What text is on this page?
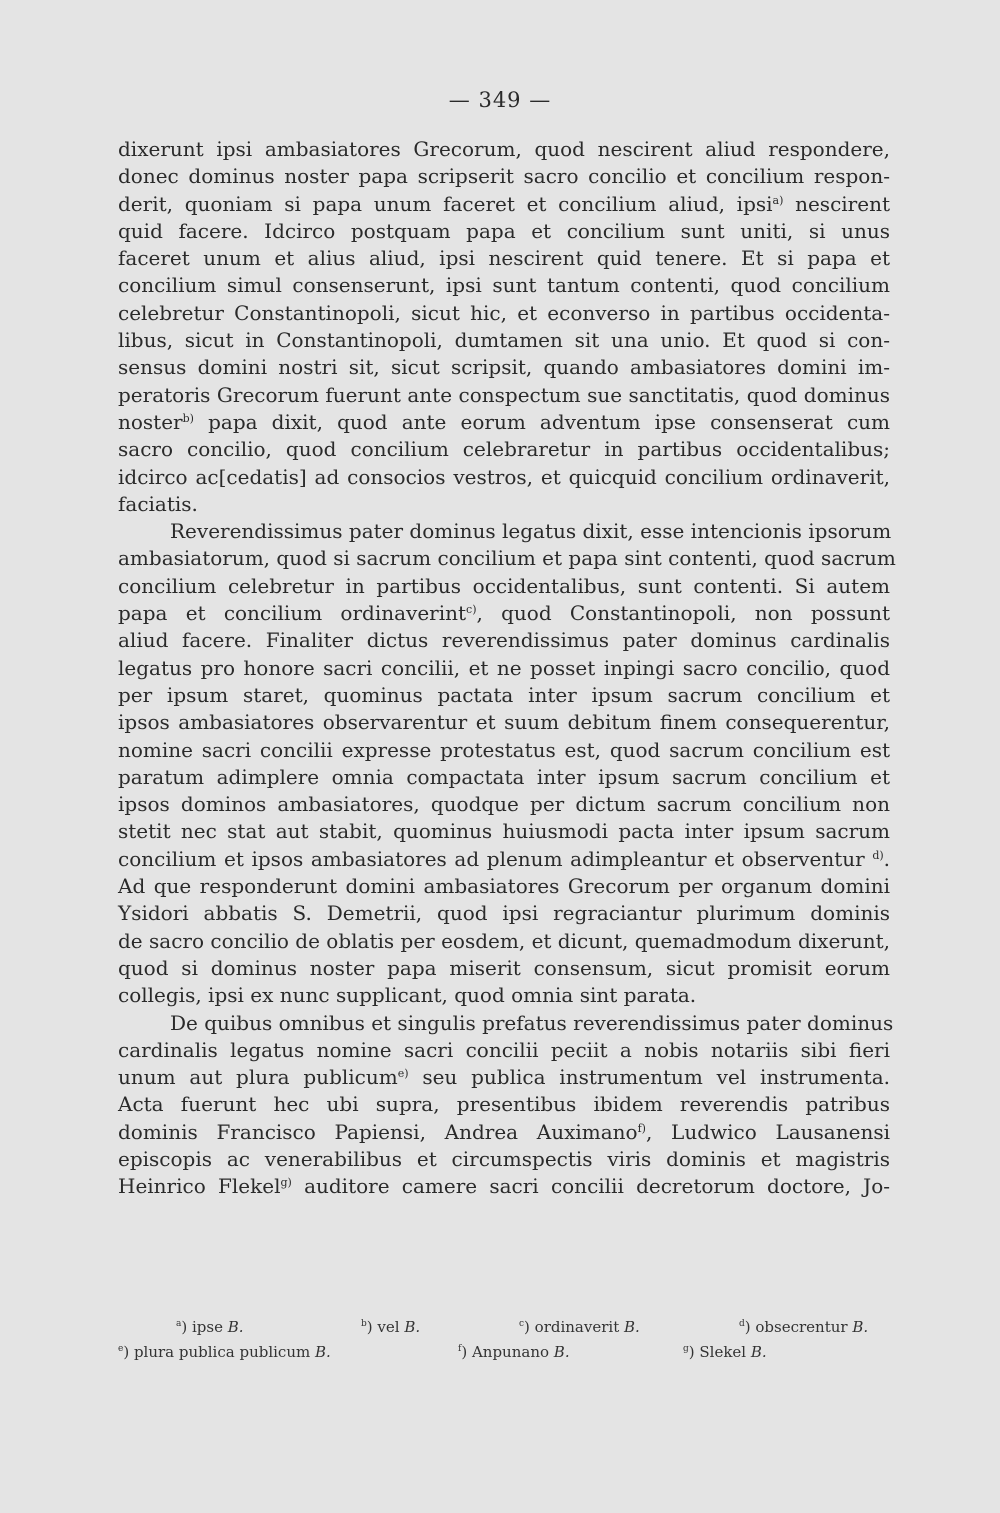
— 349 —
dixerunt ipsi ambasiatores Grecorum, quod nescirent aliud respondere,
donec dominus noster papa scripserit sacro concilio et concilium respon-
derit, quoniam si papa unum faceret et concilium aliud, ipsi$^{a)}$ nescirent
quid facere. Idcirco postquam papa et concilium sunt uniti, si unus
faceret unum et alius aliud, ipsi nescirent quid tenere. Et si papa et
concilium simul consenserunt, ipsi sunt tantum contenti, quod concilium
celebretur Constantinopoli, sicut hic, et econverso in partibus occidenta-
libus, sicut in Constantinopoli, dumtamen sit una unio. Et quod si con-
sensus domini nostri sit, sicut scripsit, quando ambasiatores domini im-
peratoris Grecorum fuerunt ante conspectum sue sanctitatis, quod dominus
noster$^{b)}$ papa dixit, quod ante eorum adventum ipse consenserat cum
sacro concilio, quod concilium celebraretur in partibus occidentalibus;
idcirco ac[cedatis] ad consocios vestros, et quicquid concilium ordinaverit,
faciatis.
Reverendissimus pater dominus legatus dixit, esse intencionis ipsorum
ambasiatorum, quod si sacrum concilium et papa sint contenti, quod sacrum
concilium celebretur in partibus occidentalibus, sunt contenti. Si autem
papa et concilium ordinaverint$^{c)}$, quod Constantinopoli, non possunt
aliud facere. Finaliter dictus reverendissimus pater dominus cardinalis
legatus pro honore sacri concilii, et ne posset inpingi sacro concilio, quod
per ipsum staret, quominus pactata inter ipsum sacrum concilium et
ipsos ambasiatores observarentur et suum debitum finem consequerentur,
nomine sacri concilii expresse protestatus est, quod sacrum concilium est
paratum adimplere omnia compactata inter ipsum sacrum concilium et
ipsos dominos ambasiatores, quodque per dictum sacrum concilium non
stetit nec stat aut stabit, quominus huiusmodi pacta inter ipsum sacrum
concilium et ipsos ambasiatores ad plenum adimpleantur et observentur $^{d)}$.
Ad que responderunt domini ambasiatores Grecorum per organum domini
Ysidori abbatis S. Demetrii, quod ipsi regraciantur plurimum dominis
de sacro concilio de oblatis per eosdem, et dicunt, quemadmodum dixerunt,
quod si dominus noster papa miserit consensum, sicut promisit eorum
collegis, ipsi ex nunc supplicant, quod omnia sint parata.
De quibus omnibus et singulis prefatus reverendissimus pater dominus
cardinalis legatus nomine sacri concilii peciit a nobis notariis sibi fieri
unum aut plura publicum$^{e)}$ seu publica instrumentum vel instrumenta.
Acta fuerunt hec ubi supra, presentibus ibidem reverendis patribus
dominis Francisco Papiensi, Andrea Auximano$^{f)}$, Ludwico Lausanensi
episcopis ac venerabilibus et circumspectis viris dominis et magistris
Heinrico Flekel$^{g)}$ auditore camere sacri concilii decretorum doctore, Jo-
$^a$) ipse B.	$^b$) vel B.	$^c$) ordinaverit B.	$^d$) obsecrentur B.
$^e$) plura publica publicum B.	$^f$) Anpunano B.	$^g$) Slekel B.
